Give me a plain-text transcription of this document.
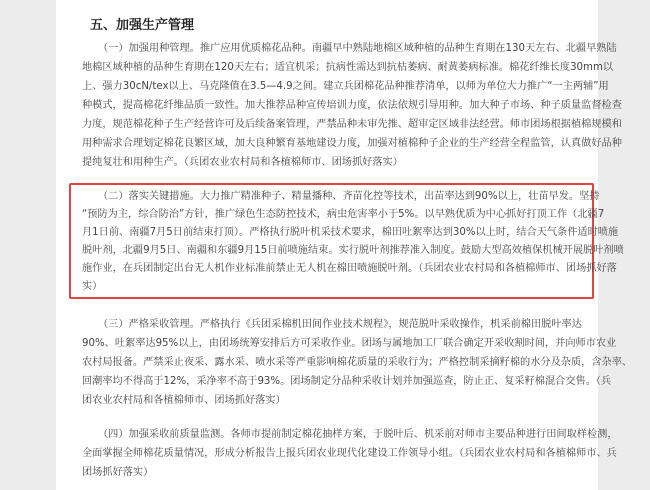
五、加强生产管理
（一）加强用种管理。推广应用优质棉花品种。南疆早中熟陆地棉区域种植的品种生育期在130天左右、北疆早熟陆
地棉区域种植的品种生育期在120天左右；适宜机采；抗病性需达到抗枯萎病、耐黄萎病标准。棉花纤维长度30mm以
上、强力30cN/tex以上、马克隆值在3.5—4.9之间。建立兵团棉花品种推荐清单，以师为单位大力推广“一主两辅”用
种模式，提高棉花纤维品质一致性。加大推荐品种宣传培训力度，依法依规引导用种。加大种子市场、种子质量监督检查
力度，规范棉花种子生产经营许可及后续备案管理，严禁品种未审先推、超审定区域非法经营。师市团场根据植棉规模和
用种需求合理划定棉花良繁区域，加大良种繁育基地建设力度，加强对植棉种子企业的生产经营全程监管，认真做好品种
提纯复壮和用种生产。（兵团农业农村局和各植棉师市、团场抓好落实）
（二）落实关键措施。大力推广精准种子、精量播种、齐苗化控等技术，出苗率达到90%以上，壮苗早发。坚持
“预防为主，综合防治”方针，推广绿色生态防控技术，病虫危害率小于5%。以早熟优质为中心抓好打顶工作（北疆7
月1日前、南疆7月5日前结束打顶）。严格执行脱叶机采技术要求，棉田吐絮率达到30%以上时，结合天气条件适时喷施
脱叶剂，北疆9月5日、南疆和东疆9月15日前喷施结束。实行脱叶剂推荐准入制度。鼓励大型高效植保机械开展脱叶剂喷
施作业，在兵团制定出台无人机作业标准前禁止无人机在棉田喷施脱叶剂。（兵团农业农村局和各植棉师市、团场抓好落
实）
（三）严格采收管理。严格执行《兵团采棉机田间作业技术规程》，规范脱叶采收操作，机采前棉田脱叶率达
90%、吐絮率达95%以上，由团场统筹安排后方可采收作业。团场与属地加工厂联合确定开采收割时间，并向师市农业
农村局报备。严禁采止夜采、露水采、喷水采等严重影响棉花质量的采收行为；严格控制采摘籽棉的水分及杂质，含杂率、
回潮率均不得高于12%，采净率不高于93%。团场制定分品种采收计划并加强巡查，防止正、复采籽棉混合交售。（兵
团农业农村局和各植棉师市、团场抓好落实）
（四）加强采收前质量监测。各师市提前制定棉花抽样方案，于脱叶后、机采前对师市主要品种进行田间取样检测，
全面掌握全师棉花质量情况，形成分析报告上报兵团农业现代化建设工作领导小组。（兵团农业农村局和各植棉师市、兵
团场抓好落实）
